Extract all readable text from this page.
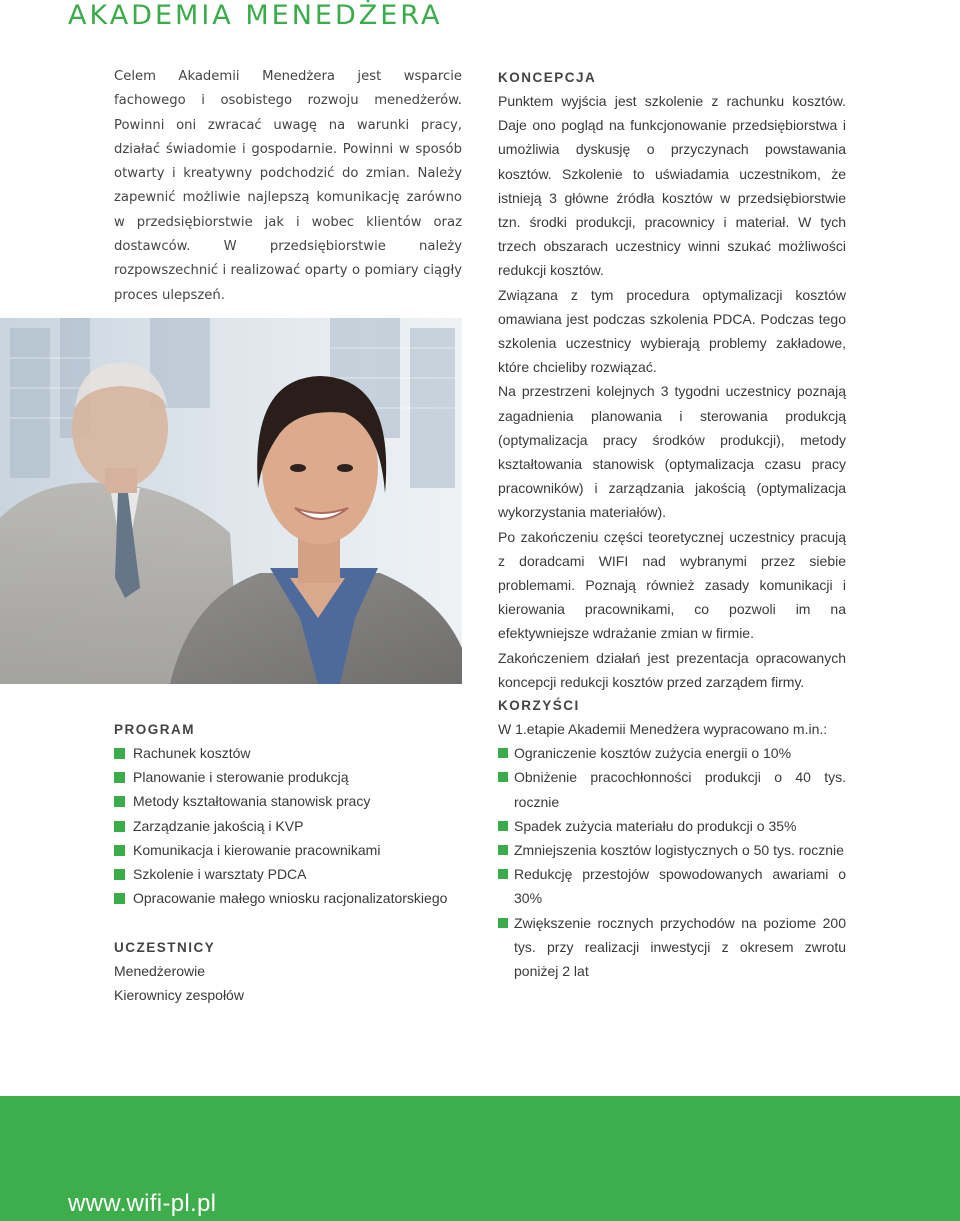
AKADEMIA MENEDŻERA

Celem Akademii Menedżera jest wsparcie fachowego i osobistego rozwoju menedżerów. Powinni oni zwracać uwagę na warunki pracy, działać świadomie i gospodarnie. Powinni w sposób otwarty i kreatywny podchodzić do zmian. Należy zapewnić możliwie najlepszą komunikację zarówno w przedsiębiorstwie jak i wobec klientów oraz dostawców. W przedsiębiorstwie należy rozpowszechnić i realizować oparty o pomiary ciągły proces ulepszeń.

KONCEPCJA

Punktem wyjścia jest szkolenie z rachunku kosztów. Daje ono pogląd na funkcjonowanie przedsiębiorstwa i umożliwia dyskusję o przyczynach powstawania kosztów. Szkolenie to uświadamia uczestnikom, że istnieją 3 główne źródła kosztów w przedsiębiorstwie tzn. środki produkcji, pracownicy i materiał. W tych trzech obszarach uczestnicy winni szukać możliwości redukcji kosztów.

Związana z tym procedura optymalizacji kosztów omawiana jest podczas szkolenia PDCA. Podczas tego szkolenia uczestnicy wybierają problemy zakładowe, które chcieliby rozwiązać.

Na przestrzeni kolejnych 3 tygodni uczestnicy poznają zagadnienia planowania i sterowania produkcją (optymalizacja pracy środków produkcji), metody kształtowania stanowisk (optymalizacja czasu pracy pracowników) i zarządzania jakością (optymalizacja wykorzystania materiałów).

Po zakończeniu części teoretycznej uczestnicy pracują z doradcami WIFI nad wybranymi przez siebie problemami. Poznają również zasady komunikacji i kierowania pracownikami, co pozwoli im na efektywniejsze wdrażanie zmian w firmie.

Zakończeniem działań jest prezentacja opracowanych koncepcji redukcji kosztów przed zarządem firmy.

PROGRAM
Rachunek kosztów
Planowanie i sterowanie produkcją
Metody kształtowania stanowisk pracy
Zarządzanie jakością i KVP
Komunikacja i kierowanie pracownikami
Szkolenie i warsztaty PDCA
Opracowanie małego wniosku racjonalizatorskiego
UCZESTNICY
Menedżerowie
Kierownicy zespołów
KORZYŚCI

W 1.etapie Akademii Menedżera wypracowano m.in.:

Ograniczenie kosztów zużycia energii o 10%
Obniżenie pracochłonności produkcji o 40 tys. rocznie
Spadek zużycia materiału do produkcji o 35%
Zmniejszenia kosztów logistycznych o 50 tys. rocznie
Redukcję przestojów spowodowanych awariami o 30%
Zwiększenie rocznych przychodów na poziome 200 tys. przy realizacji inwestycji z okresem zwrotu poniżej 2 lat
www.wifi-pl.pl
